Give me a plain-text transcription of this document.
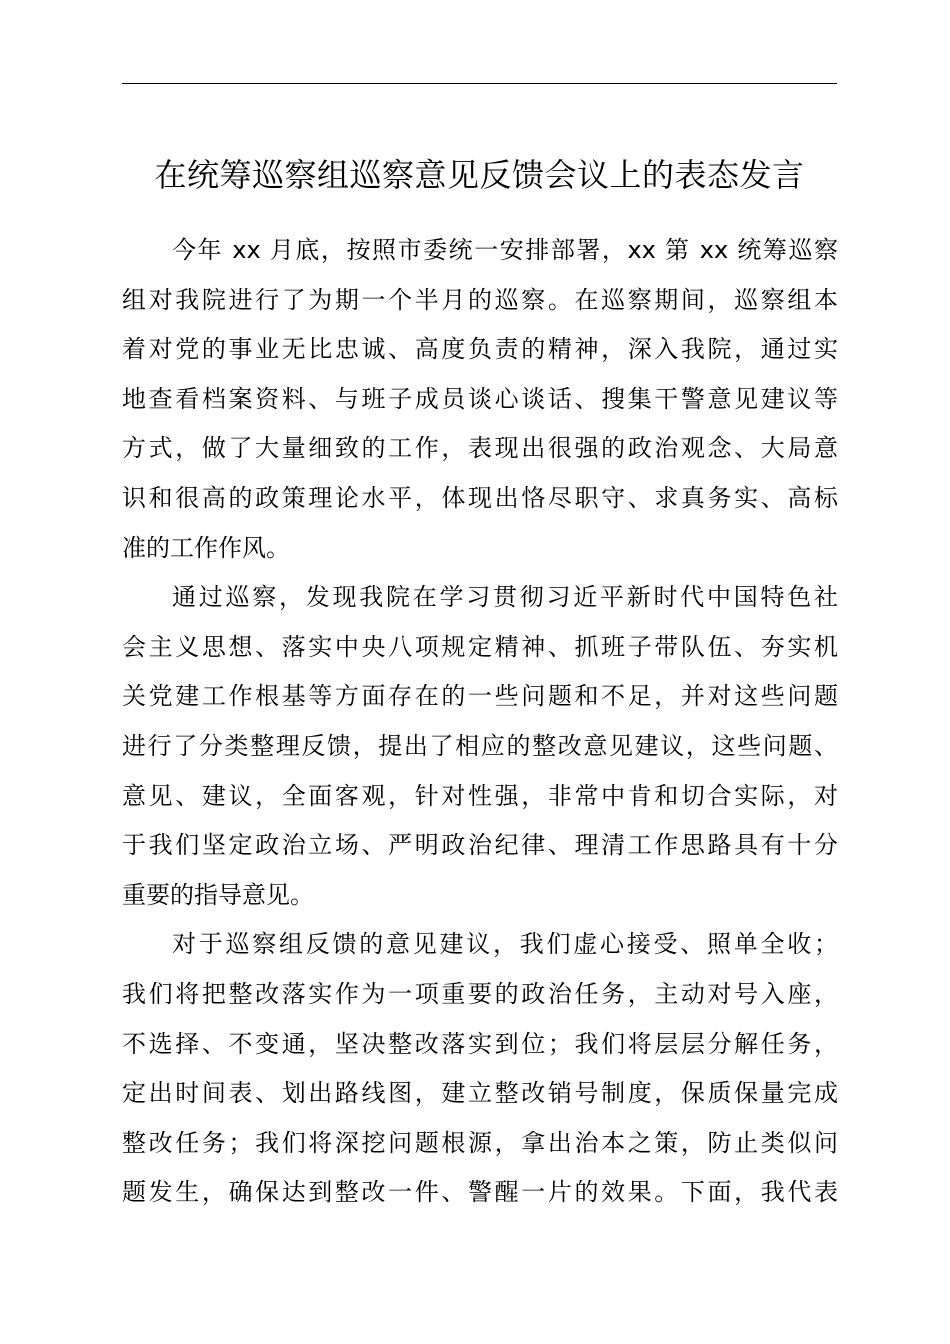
在统筹巡察组巡察意见反馈会议上的表态发言
今年 xx 月底，按照市委统一安排部署，xx 第 xx 统筹巡察
组对我院进行了为期一个半月的巡察。在巡察期间，巡察组本
着对党的事业无比忠诚、高度负责的精神，深入我院，通过实
地查看档案资料、与班子成员谈心谈话、搜集干警意见建议等
方式，做了大量细致的工作，表现出很强的政治观念、大局意
识和很高的政策理论水平，体现出恪尽职守、求真务实、高标
准的工作作风。
通过巡察，发现我院在学习贯彻习近平新时代中国特色社
会主义思想、落实中央八项规定精神、抓班子带队伍、夯实机
关党建工作根基等方面存在的一些问题和不足，并对这些问题
进行了分类整理反馈，提出了相应的整改意见建议，这些问题、
意见、建议，全面客观，针对性强，非常中肯和切合实际，对
于我们坚定政治立场、严明政治纪律、理清工作思路具有十分
重要的指导意见。
对于巡察组反馈的意见建议，我们虚心接受、照单全收；
我们将把整改落实作为一项重要的政治任务，主动对号入座，
不选择、不变通，坚决整改落实到位；我们将层层分解任务，
定出时间表、划出路线图，建立整改销号制度，保质保量完成
整改任务；我们将深挖问题根源，拿出治本之策，防止类似问
题发生，确保达到整改一件、警醒一片的效果。下面，我代表
